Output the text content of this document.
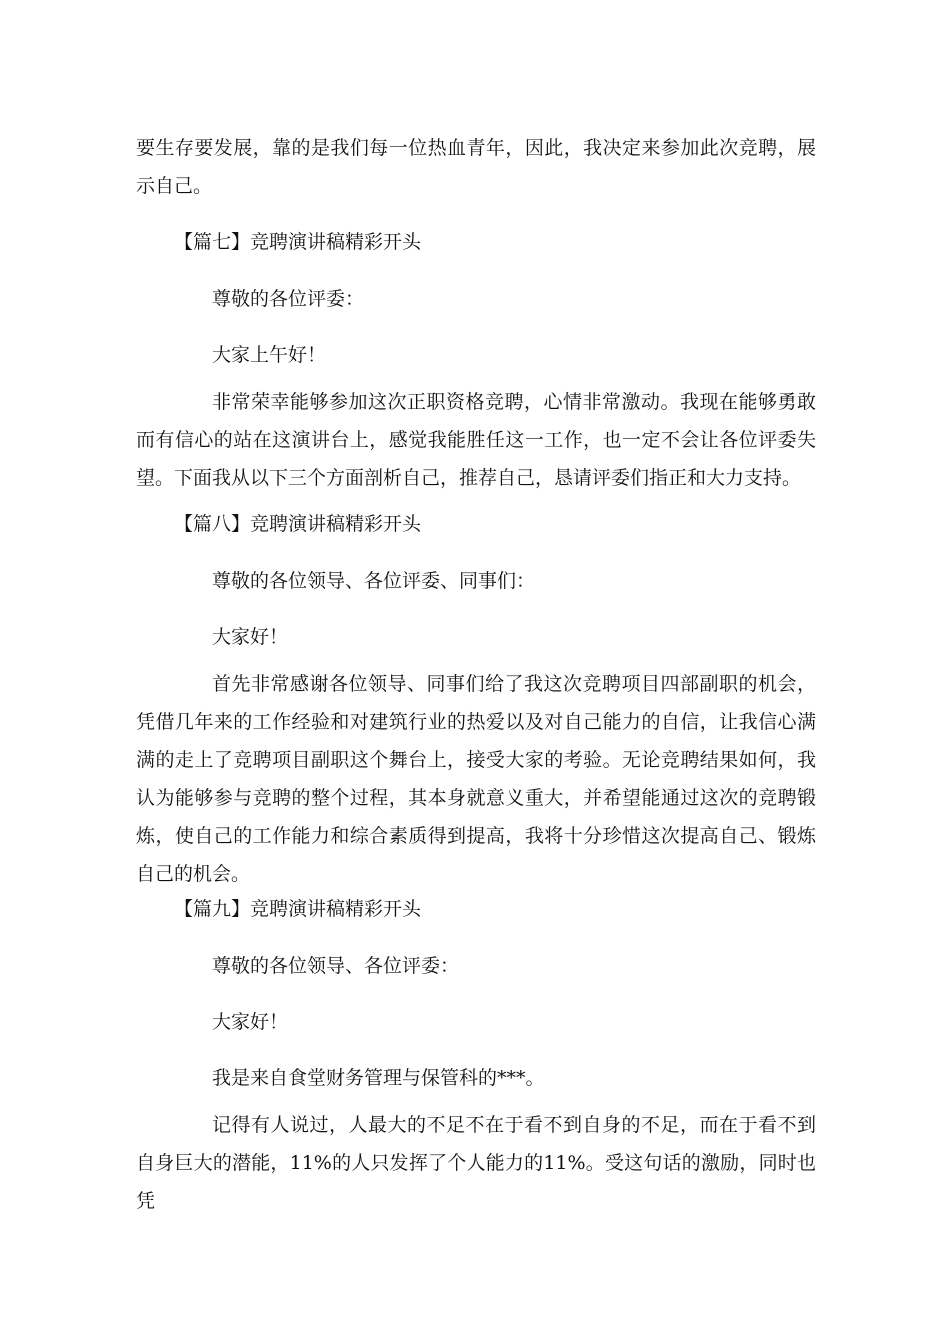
要生存要发展，靠的是我们每一位热血青年，因此，我决定来参加此次竞聘，展示自己。

【篇七】竞聘演讲稿精彩开头

尊敬的各位评委：

大家上午好！

非常荣幸能够参加这次正职资格竞聘，心情非常激动。我现在能够勇敢而有信心的站在这演讲台上，感觉我能胜任这一工作，也一定不会让各位评委失望。下面我从以下三个方面剖析自己，推荐自己，恳请评委们指正和大力支持。

【篇八】竞聘演讲稿精彩开头

尊敬的各位领导、各位评委、同事们：

大家好！

首先非常感谢各位领导、同事们给了我这次竞聘项目四部副职的机会，凭借几年来的工作经验和对建筑行业的热爱以及对自己能力的自信，让我信心满满的走上了竞聘项目副职这个舞台上，接受大家的考验。无论竞聘结果如何，我认为能够参与竞聘的整个过程，其本身就意义重大，并希望能通过这次的竞聘锻炼，使自己的工作能力和综合素质得到提高，我将十分珍惜这次提高自己、锻炼自己的机会。

【篇九】竞聘演讲稿精彩开头

尊敬的各位领导、各位评委：

大家好！

我是来自食堂财务管理与保管科的***。

记得有人说过，人最大的不足不在于看不到自身的不足，而在于看不到自身巨大的潜能，11%的人只发挥了个人能力的11%。受这句话的激励，同时也凭
